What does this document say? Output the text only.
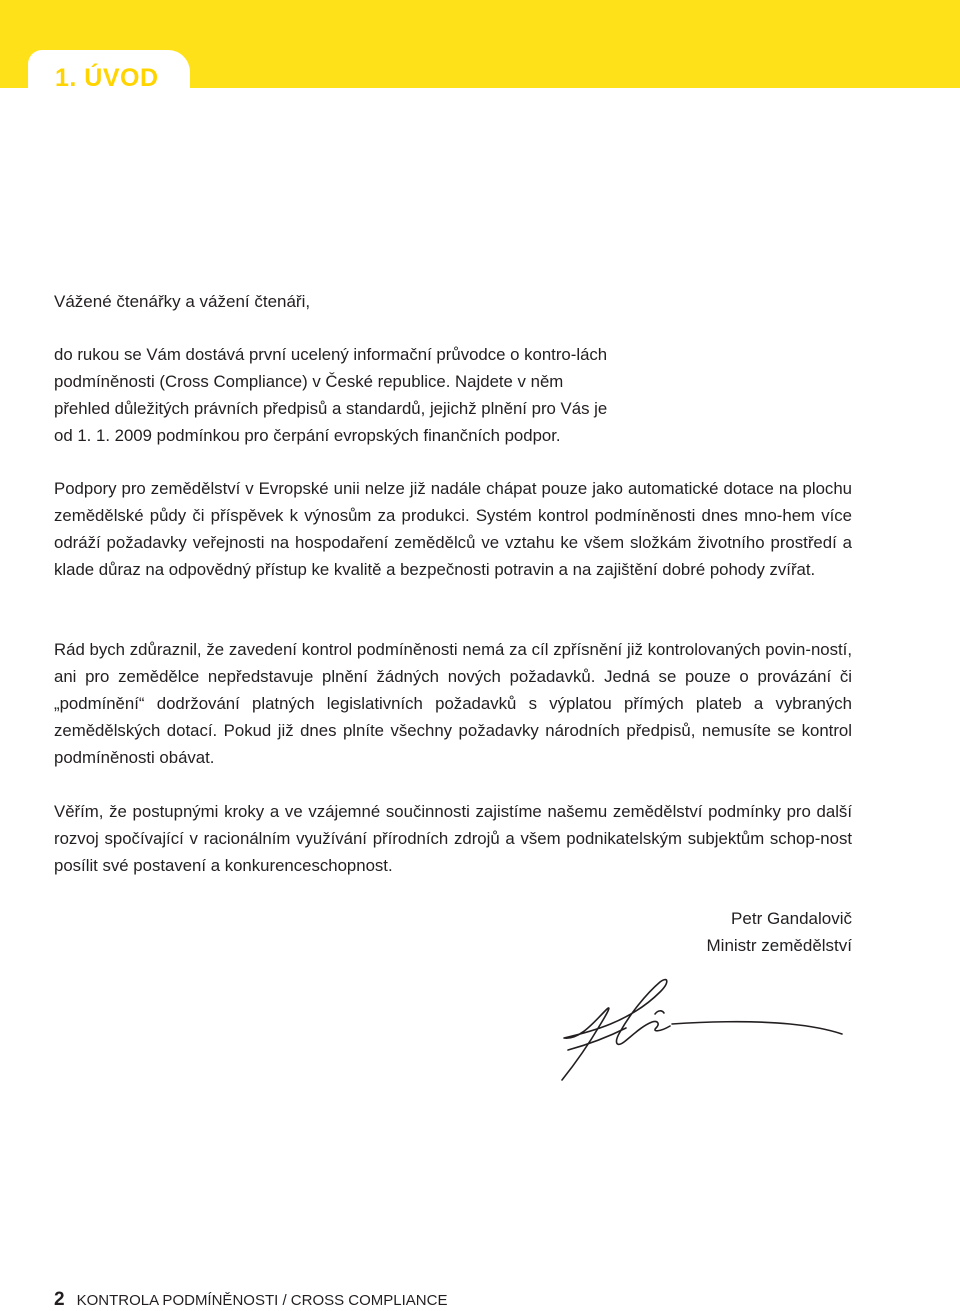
1. ÚVOD
Vážené čtenářky a vážení čtenáři,

do rukou se Vám dostává první ucelený informační průvodce o kontro-lách podmíněnosti (Cross Compliance) v České republice. Najdete v něm přehled důležitých právních předpisů a standardů, jejichž plnění pro Vás je od 1. 1. 2009 podmínkou pro čerpání evropských finančních podpor.

Podpory pro zemědělství v Evropské unii nelze již nadále chápat pouze jako automatické dotace na plochu zemědělské půdy či příspěvek k výnosům za produkci. Systém kontrol podmíněnosti dnes mno-hem více odráží požadavky veřejnosti na hospodaření zemědělců ve vztahu ke všem složkám životního prostředí a klade důraz na odpovědný přístup ke kvalitě a bezpečnosti potravin a na zajištění dobré pohody zvířat.

Rád bych zdůraznil, že zavedení kontrol podmíněnosti nemá za cíl zpřísnění již kontrolovaných povin-ností, ani pro zemědělce nepředstavuje plnění žádných nových požadavků. Jedná se pouze o provázání či „podmínění“ dodržování platných legislativních požadavků s výplatou přímých plateb a vybraných zemědělských dotací. Pokud již dnes plníte všechny požadavky národních předpisů, nemusíte se kontrol podmíněnosti obávat.

Věřím, že postupnými kroky a ve vzájemné součinnosti zajistíme našemu zemědělství podmínky pro další rozvoj spočívající v racionálním využívání přírodních zdrojů a všem podnikatelským subjektům schop-nost posílit své postavení a konkurenceschopnost.

Petr Gandalovič
Ministr zemědělství
2 KONTROLA PODMÍNĚNOSTI / CROSS COMPLIANCE
